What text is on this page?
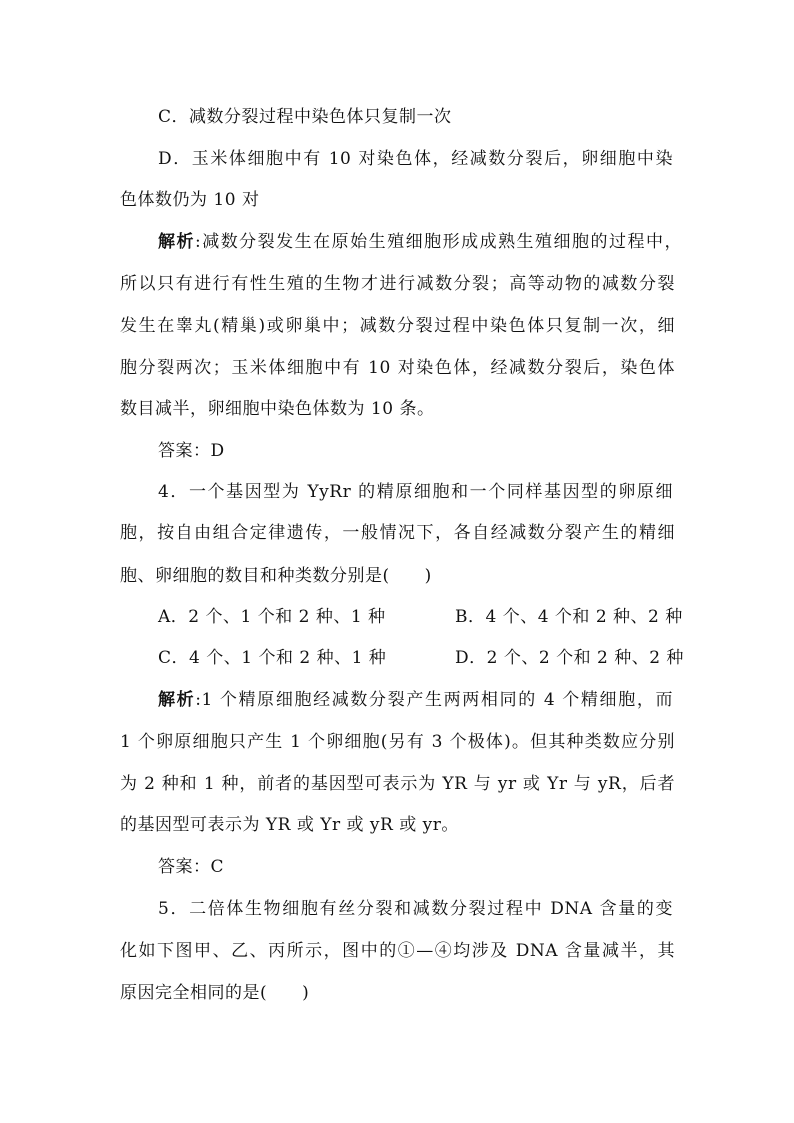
C．减数分裂过程中染色体只复制一次
D．玉米体细胞中有 10 对染色体，经减数分裂后，卵细胞中染
色体数仍为 10 对
解析:减数分裂发生在原始生殖细胞形成成熟生殖细胞的过程中，
所以只有进行有性生殖的生物才进行减数分裂；高等动物的减数分裂
发生在睾丸(精巢)或卵巢中；减数分裂过程中染色体只复制一次，细
胞分裂两次；玉米体细胞中有 10 对染色体，经减数分裂后，染色体
数目减半，卵细胞中染色体数为 10 条。
答案：D
4．一个基因型为 YyRr 的精原细胞和一个同样基因型的卵原细
胞，按自由组合定律遗传，一般情况下，各自经减数分裂产生的精细
胞、卵细胞的数目和种类数分别是(　　)
A．2 个、1 个和 2 种、1 种	B．4 个、4 个和 2 种、2 种
C．4 个、1 个和 2 种、1 种	D．2 个、2 个和 2 种、2 种
解析:1 个精原细胞经减数分裂产生两两相同的 4 个精细胞，而
1 个卵原细胞只产生 1 个卵细胞(另有 3 个极体)。但其种类数应分别
为 2 种和 1 种，前者的基因型可表示为 YR 与 yr 或 Yr 与 yR，后者
的基因型可表示为 YR 或 Yr 或 yR 或 yr。
答案：C
5．二倍体生物细胞有丝分裂和减数分裂过程中 DNA 含量的变
化如下图甲、乙、丙所示，图中的①—④均涉及 DNA 含量减半，其
原因完全相同的是(　　)
